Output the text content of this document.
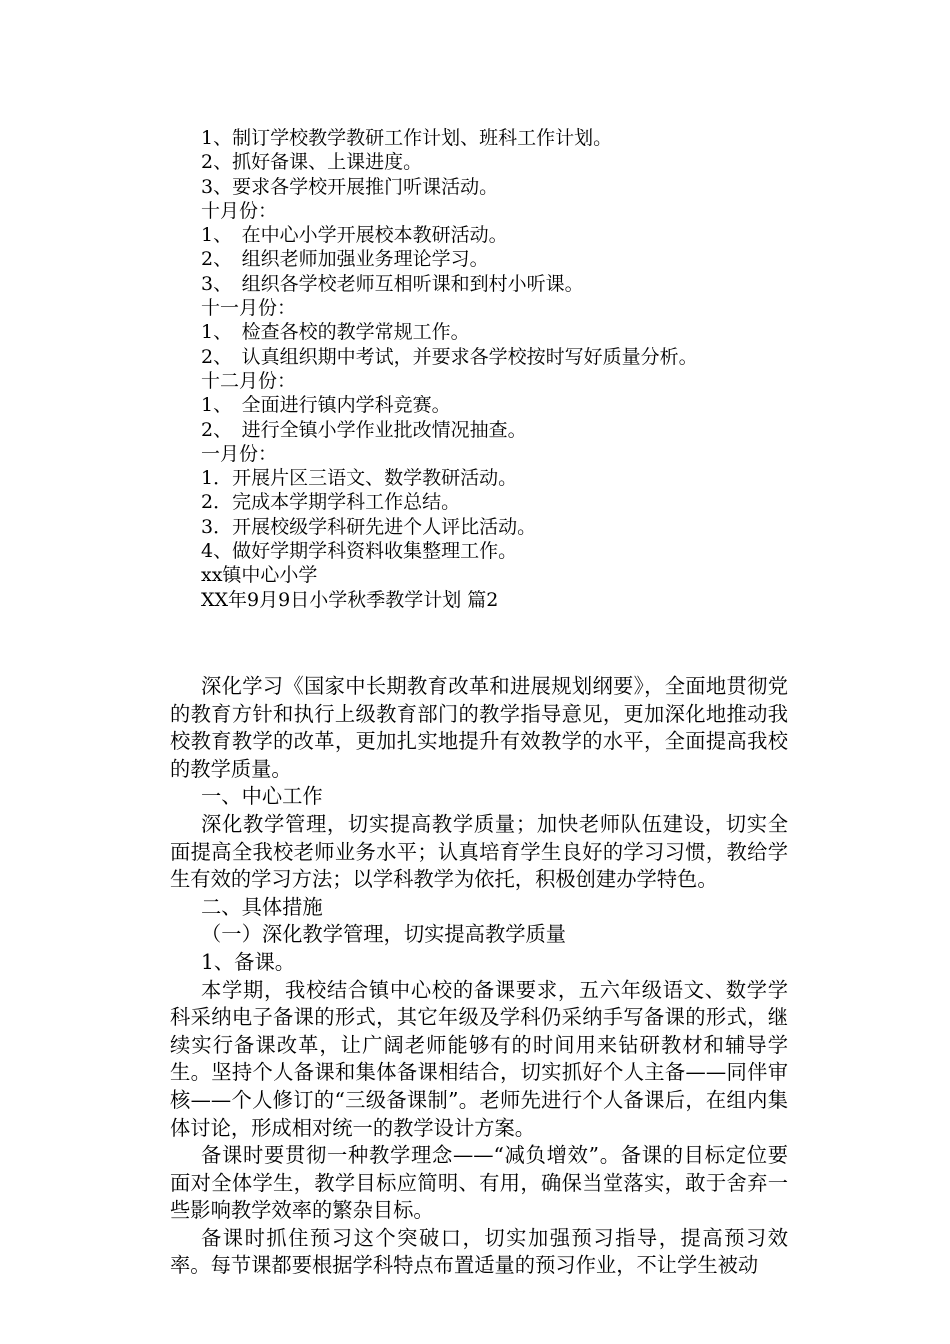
1、制订学校教学教研工作计划、班科工作计划。
2、抓好备课、上课进度。
3、要求各学校开展推门听课活动。
十月份：
1、　在中心小学开展校本教研活动。
2、　组织老师加强业务理论学习。
3、　组织各学校老师互相听课和到村小听课。
十一月份：
1、　检查各校的教学常规工作。
2、　认真组织期中考试，并要求各学校按时写好质量分析。
十二月份：
1、　全面进行镇内学科竞赛。
2、　进行全镇小学作业批改情况抽查。
一月份：
1．开展片区三语文、数学教研活动。
2．完成本学期学科工作总结。
3．开展校级学科研先进个人评比活动。
4、做好学期学科资料收集整理工作。
xx镇中心小学
XX年9月9日小学秋季教学计划 篇2
深化学习《国家中长期教育改革和进展规划纲要》，全面地贯彻党的教育方针和执行上级教育部门的教学指导意见，更加深化地推动我校教育教学的改革，更加扎实地提升有效教学的水平，全面提高我校的教学质量。
一、中心工作
深化教学管理，切实提高教学质量；加快老师队伍建设，切实全面提高全我校老师业务水平；认真培育学生良好的学习习惯，教给学生有效的学习方法；以学科教学为依托，积极创建办学特色。
二、具体措施
（一）深化教学管理，切实提高教学质量
1、备课。
本学期，我校结合镇中心校的备课要求，五六年级语文、数学学科采纳电子备课的形式，其它年级及学科仍采纳手写备课的形式，继续实行备课改革，让广阔老师能够有的时间用来钻研教材和辅导学生。坚持个人备课和集体备课相结合，切实抓好个人主备——同伴审核——个人修订的“三级备课制”。老师先进行个人备课后，在组内集体讨论，形成相对统一的教学设计方案。
备课时要贯彻一种教学理念——“减负增效”。备课的目标定位要面对全体学生，教学目标应简明、有用，确保当堂落实，敢于舍弃一些影响教学效率的繁杂目标。
备课时抓住预习这个突破口，切实加强预习指导，提高预习效率。每节课都要根据学科特点布置适量的预习作业，不让学生被动
